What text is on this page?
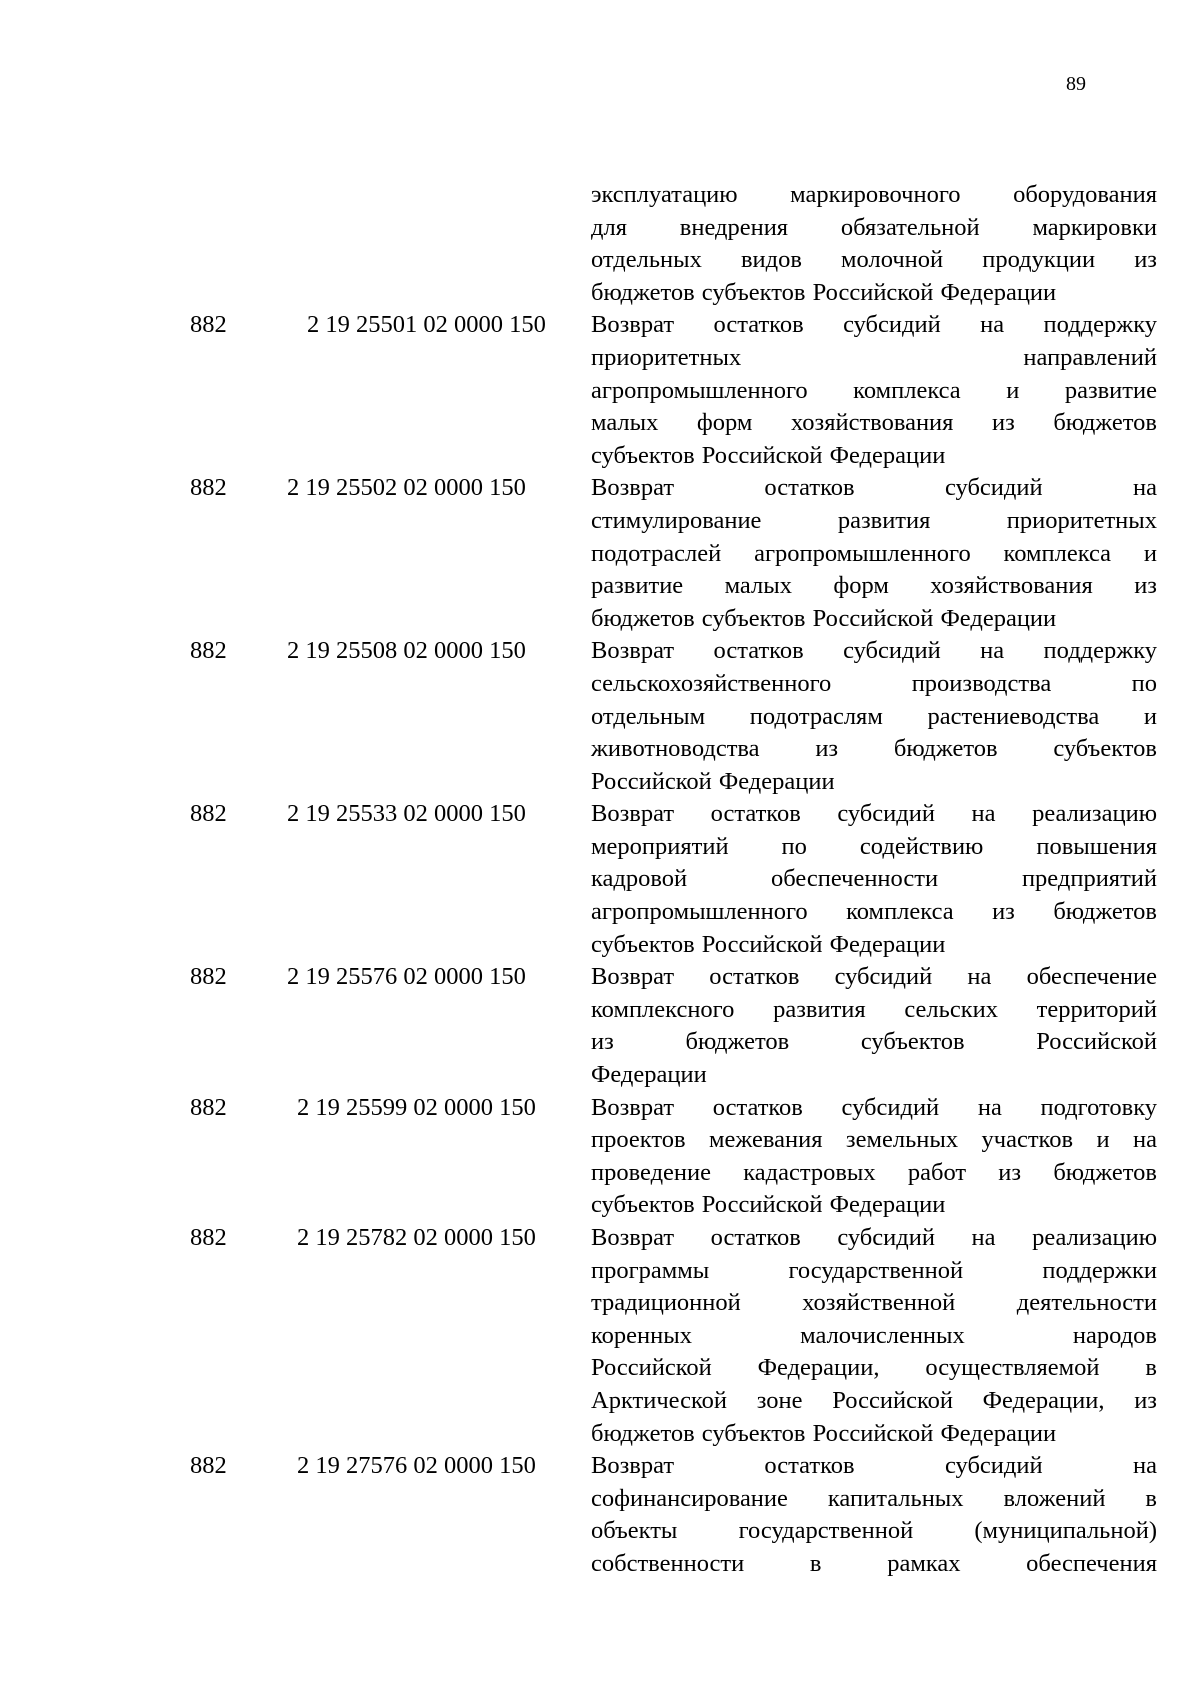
89
эксплуатацию маркировочного оборудования
для внедрения обязательной маркировки
отдельных видов молочной продукции из
бюджетов субъектов Российской Федерации
882	2 19 25501 02 0000 150 Возврат остатков субсидий на поддержку
приоритетных направлений
агропромышленного комплекса и развитие
малых форм хозяйствования из бюджетов
субъектов Российской Федерации
882 2 19 25502 02 0000 150	Возврат остатков субсидий на
стимулирование развития приоритетных
подотраслей агропромышленного комплекса и
развитие малых форм хозяйствования из
бюджетов субъектов Российской Федерации
882 2 19 25508 02 0000 150	Возврат остатков субсидий на поддержку
сельскохозяйственного производства по
отдельным подотраслям растениеводства и
животноводства из бюджетов субъектов
Российской Федерации
882 2 19 25533 02 0000 150	Возврат остатков субсидий на реализацию
мероприятий по содействию повышения
кадровой обеспеченности предприятий
агропромышленного комплекса из бюджетов
субъектов Российской Федерации
882 2 19 25576 02 0000 150	Возврат остатков субсидий на обеспечение
комплексного развития сельских территорий
из бюджетов субъектов Российской
Федерации
882	2 19 25599 02 0000 150 Возврат остатков субсидий на подготовку
проектов межевания земельных участков и на
проведение кадастровых работ из бюджетов
субъектов Российской Федерации
882	2 19 25782 02 0000 150 Возврат остатков субсидий на реализацию
программы государственной поддержки
традиционной хозяйственной деятельности
коренных малочисленных народов
Российской Федерации, осуществляемой в
Арктической зоне Российской Федерации, из
бюджетов субъектов Российской Федерации
882	2 19 27576 02 0000 150 Возврат остатков субсидий на
софинансирование капитальных вложений в
объекты государственной (муниципальной)
собственности в рамках обеспечения
